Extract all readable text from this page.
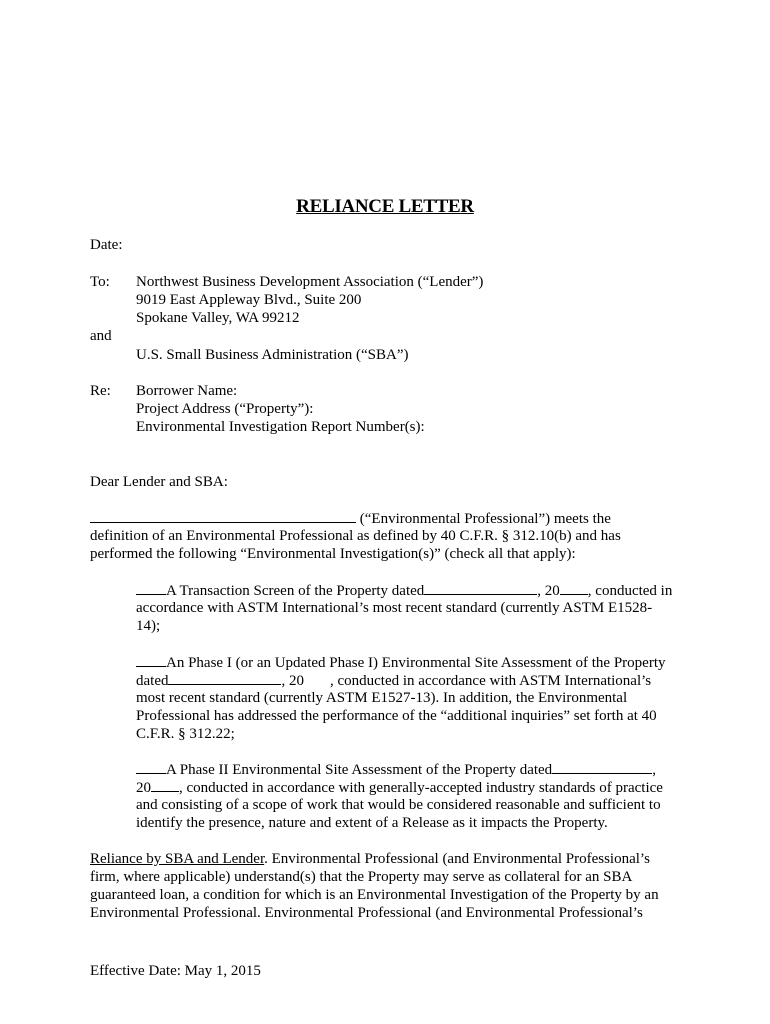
RELIANCE LETTER
Date:
To: Northwest Business Development Association (“Lender”)
9019 East Appleway Blvd., Suite 200
Spokane Valley, WA 99212
and
U.S. Small Business Administration (“SBA”)
Re: Borrower Name:
Project Address (“Property”):
Environmental Investigation Report Number(s):
Dear Lender and SBA:
(“Environmental Professional”) meets the
definition of an Environmental Professional as defined by 40 C.F.R. § 312.10(b) and has
performed the following “Environmental Investigation(s)” (check all that apply):
A Transaction Screen of the Property dated	, 20 , conducted in
accordance with ASTM International’s most recent standard (currently ASTM E1528-
14);
An Phase I (or an Updated Phase I) Environmental Site Assessment of the Property
dated	, 20 , conducted in accordance with ASTM International’s
most recent standard (currently ASTM E1527-13). In addition, the Environmental
Professional has addressed the performance of the “additional inquiries” set forth at 40
C.F.R. § 312.22;
A Phase II Environmental Site Assessment of the Property dated	,
20 , conducted in accordance with generally-accepted industry standards of practice
and consisting of a scope of work that would be considered reasonable and sufficient to
identify the presence, nature and extent of a Release as it impacts the Property.
Reliance by SBA and Lender. Environmental Professional (and Environmental Professional’s
firm, where applicable) understand(s) that the Property may serve as collateral for an SBA
guaranteed loan, a condition for which is an Environmental Investigation of the Property by an
Environmental Professional. Environmental Professional (and Environmental Professional’s
Effective Date: May 1, 2015
